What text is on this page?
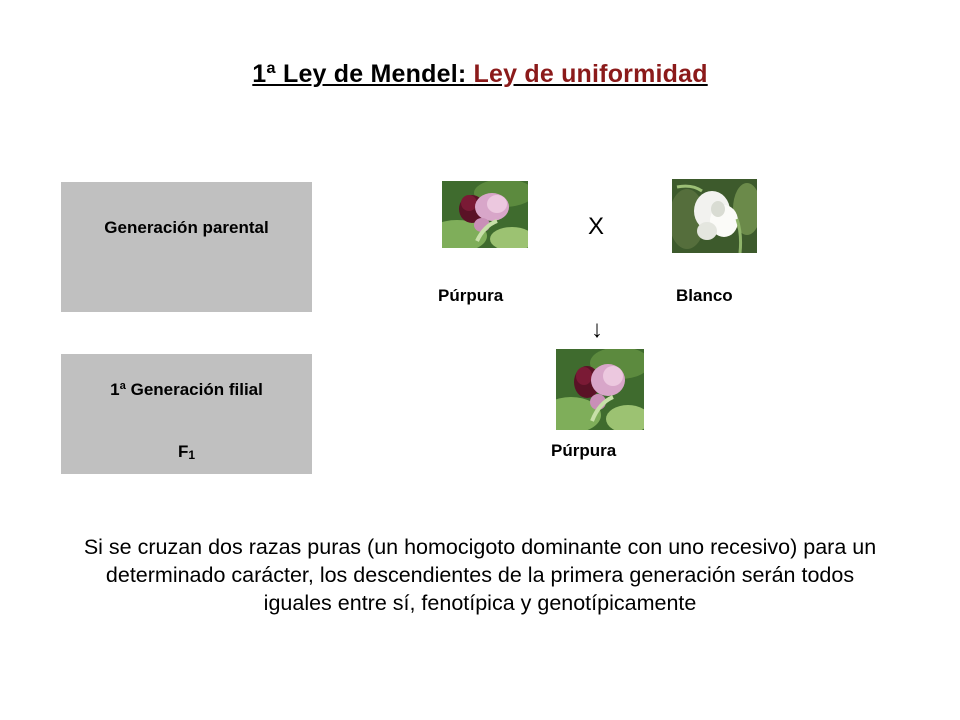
1ª Ley de Mendel: Ley de uniformidad
Generación parental
1ª Generación filial
$F_1$
X
Púrpura	Blanco
↓
Púrpura
Si se cruzan dos razas puras (un homocigoto dominante con uno recesivo) para un determinado carácter, los descendientes de la primera generación serán todos iguales entre sí, fenotípica y genotípicamente
